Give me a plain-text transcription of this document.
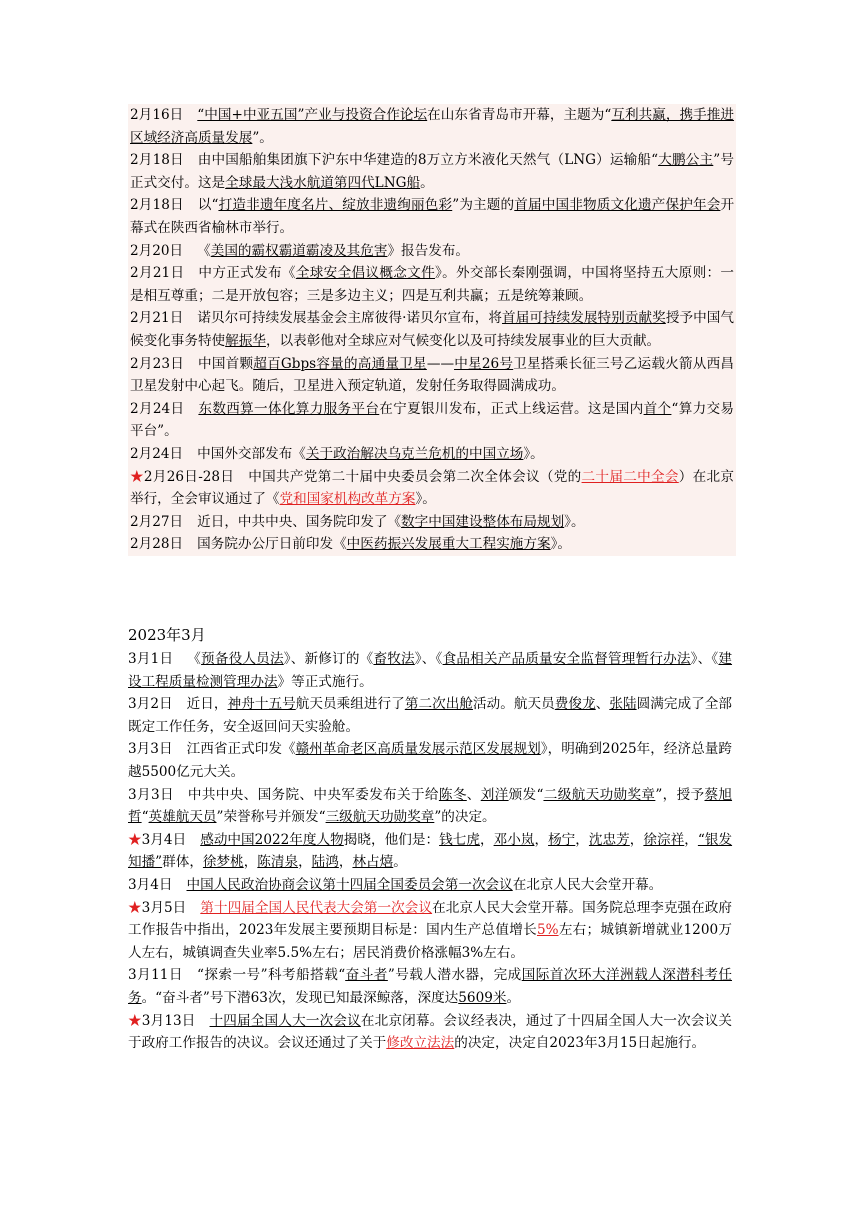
2月16日 “中国+中亚五国”产业与投资合作论坛在山东省青岛市开幕，主题为“互利共赢，携手推进区域经济高质量发展”。

2月18日 由中国船舶集团旗下沪东中华建造的8万立方米液化天然气（LNG）运输船“大鹏公主”号正式交付。这是全球最大浅水航道第四代LNG船。

2月18日 以“打造非遗年度名片、绽放非遗绚丽色彩”为主题的首届中国非物质文化遗产保护年会开幕式在陕西省榆林市举行。

2月20日 《美国的霸权霸道霸凌及其危害》报告发布。

2月21日 中方正式发布《全球安全倡议概念文件》。外交部长秦刚强调，中国将坚持五大原则：一是相互尊重；二是开放包容；三是多边主义；四是互利共赢；五是统筹兼顾。

2月21日 诺贝尔可持续发展基金会主席彼得·诺贝尔宣布，将首届可持续发展特别贡献奖授予中国气候变化事务特使解振华，以表彰他对全球应对气候变化以及可持续发展事业的巨大贡献。

2月23日 中国首颗超百Gbps容量的高通量卫星——中星26号卫星搭乘长征三号乙运载火箭从西昌卫星发射中心起飞。随后，卫星进入预定轨道，发射任务取得圆满成功。

2月24日 东数西算一体化算力服务平台在宁夏银川发布，正式上线运营。这是国内首个“算力交易平台”。

2月24日 中国外交部发布《关于政治解决乌克兰危机的中国立场》。

★2月26日-28日 中国共产党第二十届中央委员会第二次全体会议（党的二十届二中全会）在北京举行，全会审议通过了《党和国家机构改革方案》。

2月27日 近日，中共中央、国务院印发了《数字中国建设整体布局规划》。

2月28日 国务院办公厅日前印发《中医药振兴发展重大工程实施方案》。

2023年3月

3月1日 《预备役人员法》、新修订的《畜牧法》、《食品相关产品质量安全监督管理暂行办法》、《建设工程质量检测管理办法》等正式施行。

3月2日 近日，神舟十五号航天员乘组进行了第二次出舱活动。航天员费俊龙、张陆圆满完成了全部既定工作任务，安全返回问天实验舱。

3月3日 江西省正式印发《赣州革命老区高质量发展示范区发展规划》，明确到2025年，经济总量跨越5500亿元大关。

3月3日 中共中央、国务院、中央军委发布关于给陈冬、刘洋颁发“二级航天功勋奖章”，授予蔡旭哲“英雄航天员”荣誉称号并颁发“三级航天功勋奖章”的决定。

★3月4日 感动中国2022年度人物揭晓，他们是：钱七虎，邓小岚，杨宁，沈忠芳，徐淙祥，“银发知播”群体，徐梦桃，陈清泉，陆鸿，林占熺。

3月4日 中国人民政治协商会议第十四届全国委员会第一次会议在北京人民大会堂开幕。

★3月5日 第十四届全国人民代表大会第一次会议在北京人民大会堂开幕。国务院总理李克强在政府工作报告中指出，2023年发展主要预期目标是：国内生产总值增长5%左右；城镇新增就业1200万人左右，城镇调查失业率5.5%左右；居民消费价格涨幅3%左右。

3月11日 “探索一号”科考船搭载“奋斗者”号载人潜水器，完成国际首次环大洋洲载人深潜科考任务。“奋斗者”号下潜63次，发现已知最深鲸落，深度达5609米。

★3月13日 十四届全国人大一次会议在北京闭幕。会议经表决，通过了十四届全国人大一次会议关于政府工作报告的决议。会议还通过了关于修改立法法的决定，决定自2023年3月15日起施行。
